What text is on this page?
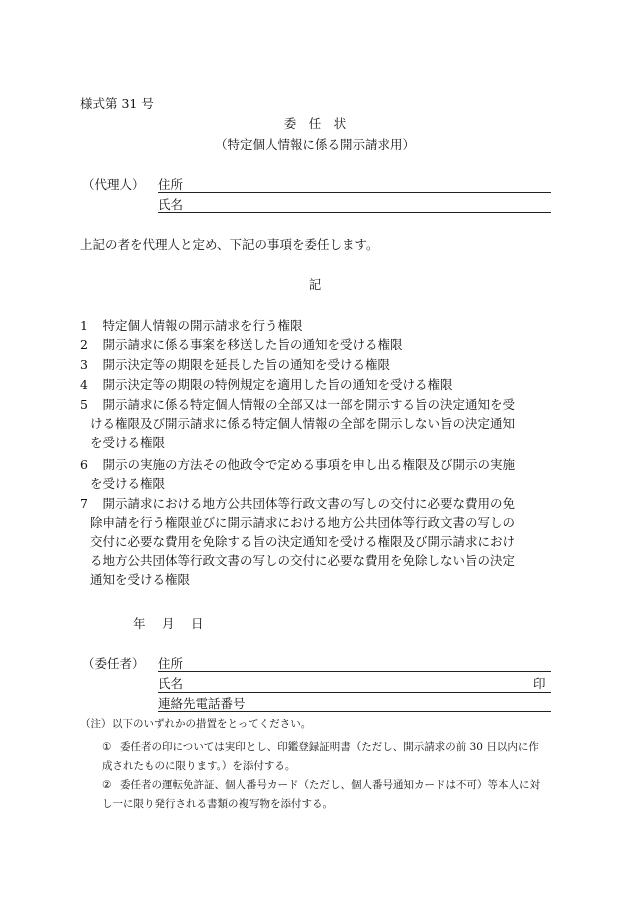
様式第 31 号
委　任　状
（特定個人情報に係る開示請求用）
（代理人） 住所
氏名
上記の者を代理人と定め、下記の事項を委任します。
記
1 　特定個人情報の開示請求を行う権限
2 　開示請求に係る事案を移送した旨の通知を受ける権限
3 　開示決定等の期限を延長した旨の通知を受ける権限
4 　開示決定等の期限の特例規定を適用した旨の通知を受ける権限
5 　開示請求に係る特定個人情報の全部又は一部を開示する旨の決定通知を受
ける権限及び開示請求に係る特定個人情報の全部を開示しない旨の決定通知
を受ける権限
6 　開示の実施の方法その他政令で定める事項を申し出る権限及び開示の実施
を受ける権限
7 　開示請求における地方公共団体等行政文書の写しの交付に必要な費用の免
除申請を行う権限並びに開示請求における地方公共団体等行政文書の写しの
交付に必要な費用を免除する旨の決定通知を受ける権限及び開示請求におけ
る地方公共団体等行政文書の写しの交付に必要な費用を免除しない旨の決定
通知を受ける権限
年　 月　 日
（委任者） 住所
氏名	印
連絡先電話番号
（注） 以下のいずれかの措置をとってください。
① 委任者の印については実印とし、印鑑登録証明書（ただし、開示請求の前 30 日以内に作
成されたものに限ります。）を添付する。
② 委任者の運転免許証、個人番号カード（ただし、個人番号通知カードは不可）等本人に対
し一に限り発行される書類の複写物を添付する。
